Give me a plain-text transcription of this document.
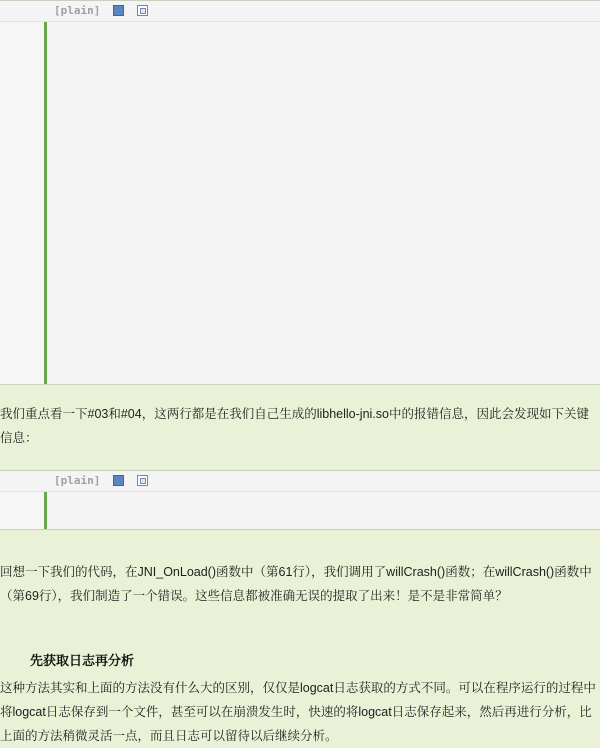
[plain]
我们重点看一下#03和#04，这两行都是在我们自己生成的libhello-jni.so中的报错信息，因此会发现如下关键信息：
[plain]
回想一下我们的代码，在JNI_OnLoad()函数中（第61行），我们调用了willCrash()函数；在willCrash()函数中（第69行），我们制造了一个错误。这些信息都被准确无误的提取了出来！是不是非常简单？
先获取日志再分析
这种方法其实和上面的方法没有什么大的区别，仅仅是logcat日志获取的方式不同。可以在程序运行的过程中将logcat日志保存到一个文件，甚至可以在崩溃发生时，快速的将logcat日志保存起来，然后再进行分析，比上面的方法稍微灵活一点，而且日志可以留待以后继续分析。
